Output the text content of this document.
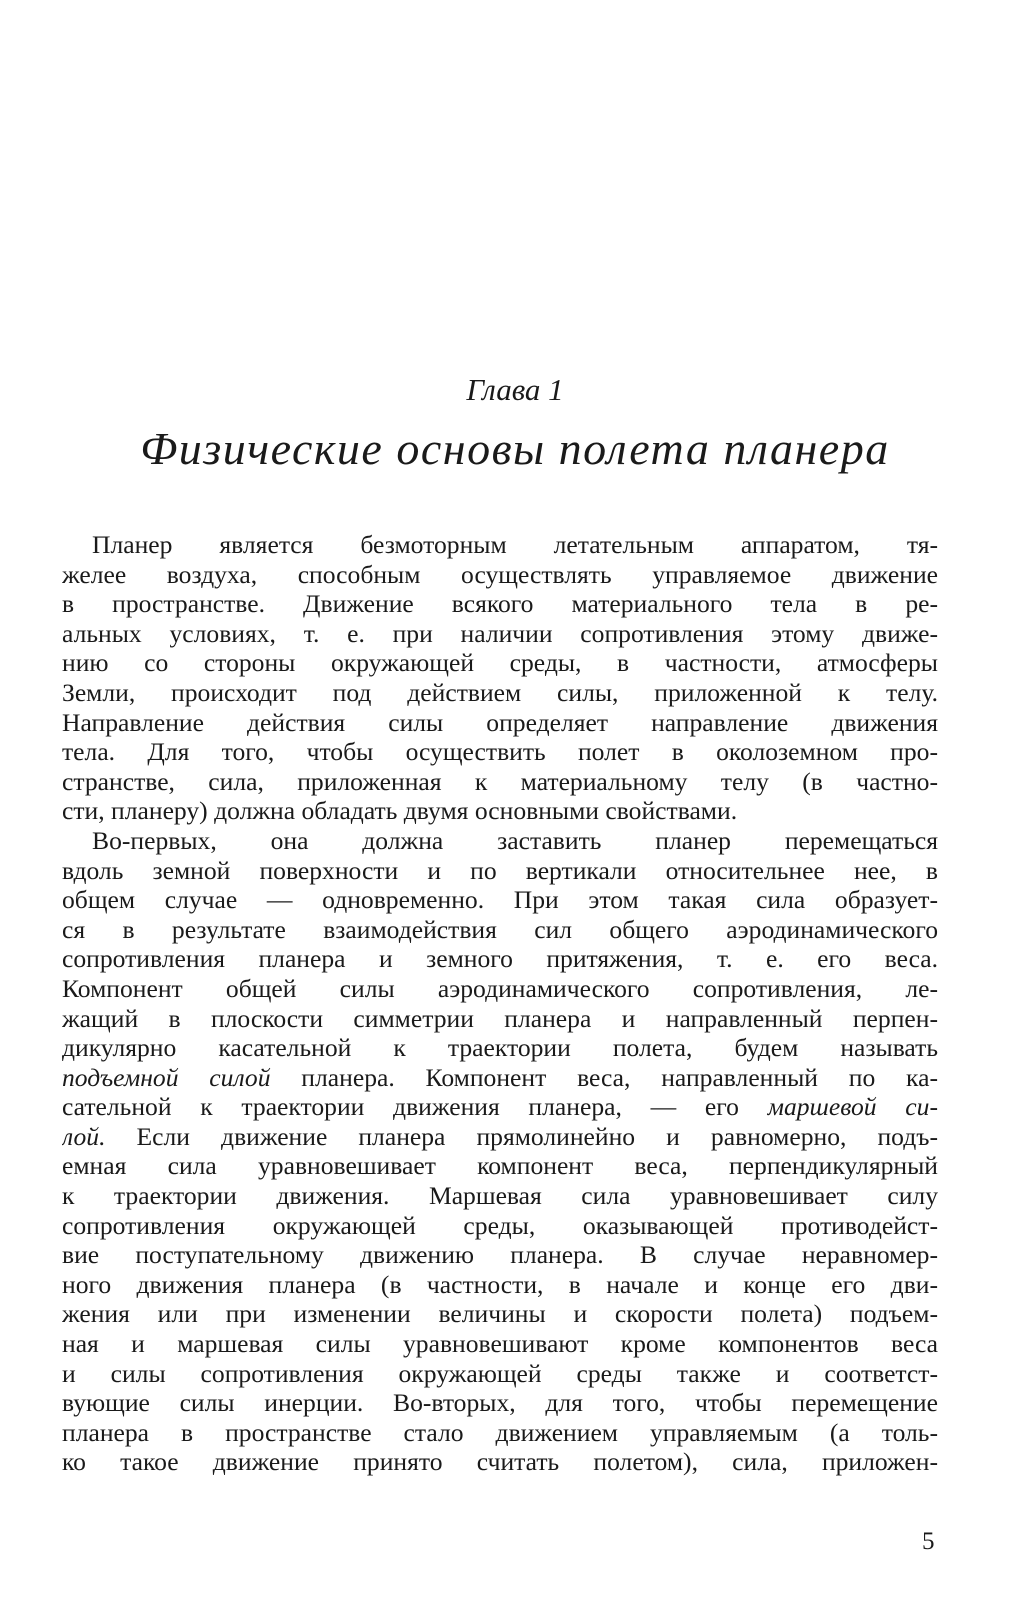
Глава 1
Физические основы полета планера
Планер является безмоторным летательным аппаратом, тя-
желее воздуха, способным осуществлять управляемое движение
в пространстве. Движение всякого материального тела в ре-
альных условиях, т. е. при наличии сопротивления этому движе-
нию со стороны окружающей среды, в частности, атмосферы
Земли, происходит под действием силы, приложенной к телу.
Направление действия силы определяет направление движения
тела. Для того, чтобы осуществить полет в околоземном про-
странстве, сила, приложенная к материальному телу (в частно-
сти, планеру) должна обладать двумя основными свойствами.
Во-первых, она должна заставить планер перемещаться
вдоль земной поверхности и по вертикали относительнее нее, в
общем случае — одновременно. При этом такая сила образует-
ся в результате взаимодействия сил общего аэродинамического
сопротивления планера и земного притяжения, т. е. его веса.
Компонент общей силы аэродинамического сопротивления, ле-
жащий в плоскости симметрии планера и направленный перпен-
дикулярно касательной к траектории полета, будем называть
подъемной силой планера. Компонент веса, направленный по ка-
сательной к траектории движения планера, — его маршевой си-
лой. Если движение планера прямолинейно и равномерно, подъ-
емная сила уравновешивает компонент веса, перпендикулярный
к траектории движения. Маршевая сила уравновешивает силу
сопротивления окружающей среды, оказывающей противодейст-
вие поступательному движению планера. В случае неравномер-
ного движения планера (в частности, в начале и конце его дви-
жения или при изменении величины и скорости полета) подъем-
ная и маршевая силы уравновешивают кроме компонентов веса
и силы сопротивления окружающей среды также и соответст-
вующие силы инерции. Во-вторых, для того, чтобы перемещение
планера в пространстве стало движением управляемым (а толь-
ко такое движение принято считать полетом), сила, приложен-
5
